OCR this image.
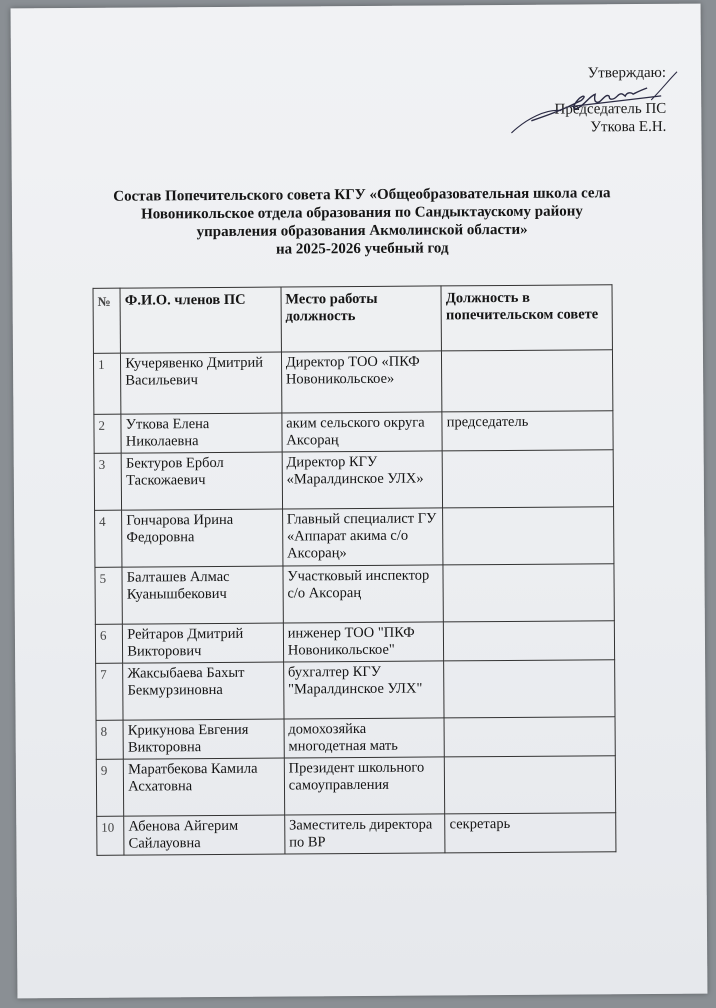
Утверждаю:
Председатель ПС
Уткова Е.Н.
Состав Попечительского совета КГУ «Общеобразовательная школа села
Новоникольское отдела образования по Сандыктаускому району
управления образования Акмолинской области»
на 2025-2026 учебный год
№	Ф.И.О. членов ПС	Место работы должность	Должность в попечительском совете
1	Кучерявенко Дмитрий Васильевич	Директор ТОО «ПКФ Новоникольское»	
2	Уткова Елена Николаевна	аким сельского округа Аксораң	председатель
3	Бектуров Ербол Таскожаевич	Директор КГУ «Маралдинское УЛХ»	
4	Гончарова Ирина Федоровна	Главный специалист ГУ «Аппарат акима с/о Аксораң»	
5	Балташев Алмас Куанышбекович	Участковый инспектор с/о Аксораң	
6	Рейтаров Дмитрий Викторович	инженер ТОО "ПКФ Новоникольское"	
7	Жаксыбаева Бахыт Бекмурзиновна	бухгалтер КГУ "Маралдинское УЛХ"	
8	Крикунова Евгения Викторовна	домохозяйка многодетная мать	
9	Маратбекова Камила Асхатовна	Президент школьного самоуправления	
10	Абенова Айгерим Сайлауовна	Заместитель директора по ВР	секретарь
